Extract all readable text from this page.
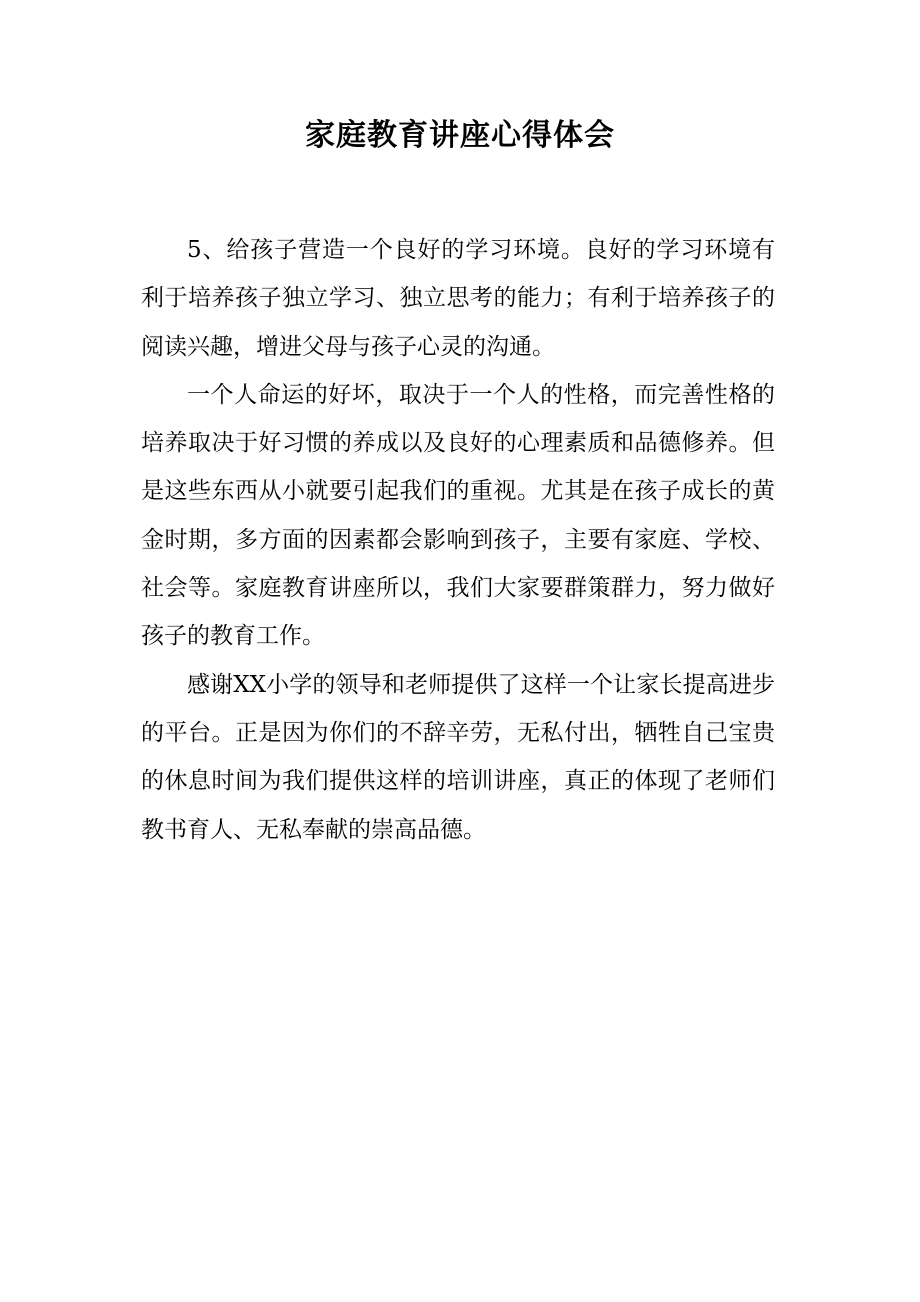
家庭教育讲座心得体会

5、给孩子营造一个良好的学习环境。良好的学习环境有利于培养孩子独立学习、独立思考的能力；有利于培养孩子的阅读兴趣，增进父母与孩子心灵的沟通。

一个人命运的好坏，取决于一个人的性格，而完善性格的培养取决于好习惯的养成以及良好的心理素质和品德修养。但是这些东西从小就要引起我们的重视。尤其是在孩子成长的黄金时期，多方面的因素都会影响到孩子，主要有家庭、学校、社会等。家庭教育讲座所以，我们大家要群策群力，努力做好孩子的教育工作。

感谢XX小学的领导和老师提供了这样一个让家长提高进步的平台。正是因为你们的不辞辛劳，无私付出，牺牲自己宝贵的休息时间为我们提供这样的培训讲座，真正的体现了老师们教书育人、无私奉献的崇高品德。
